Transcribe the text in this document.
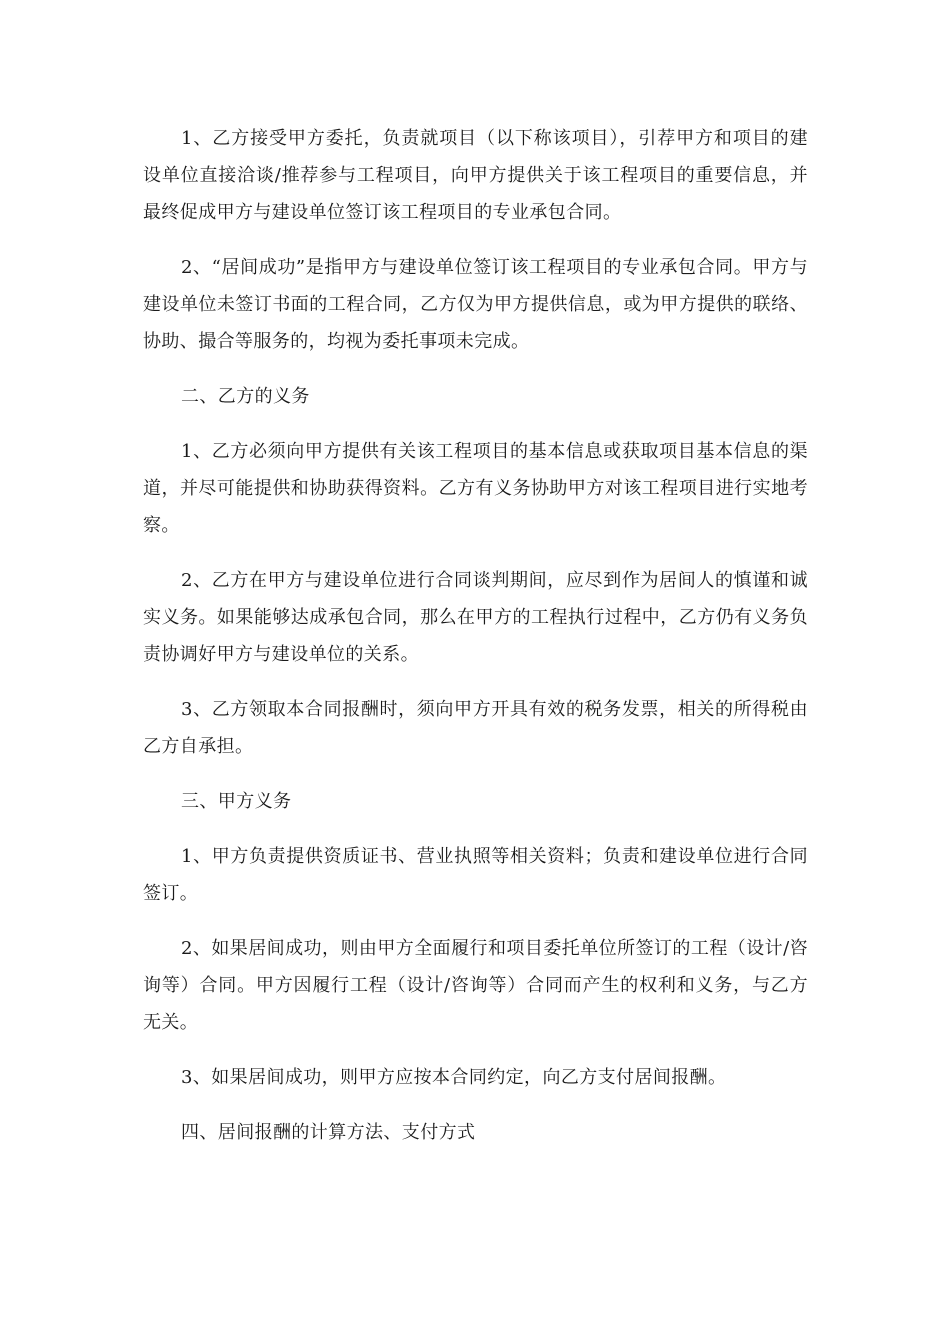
1、乙方接受甲方委托，负责就项目（以下称该项目），引荐甲方和项目的建设单位直接洽谈/推荐参与工程项目，向甲方提供关于该工程项目的重要信息，并最终促成甲方与建设单位签订该工程项目的专业承包合同。

2、“居间成功”是指甲方与建设单位签订该工程项目的专业承包合同。甲方与建设单位未签订书面的工程合同，乙方仅为甲方提供信息，或为甲方提供的联络、协助、撮合等服务的，均视为委托事项未完成。

二、乙方的义务

1、乙方必须向甲方提供有关该工程项目的基本信息或获取项目基本信息的渠道，并尽可能提供和协助获得资料。乙方有义务协助甲方对该工程项目进行实地考察。

2、乙方在甲方与建设单位进行合同谈判期间，应尽到作为居间人的慎谨和诚实义务。如果能够达成承包合同，那么在甲方的工程执行过程中，乙方仍有义务负责协调好甲方与建设单位的关系。

3、乙方领取本合同报酬时，须向甲方开具有效的税务发票，相关的所得税由乙方自承担。

三、甲方义务

1、甲方负责提供资质证书、营业执照等相关资料；负责和建设单位进行合同签订。

2、如果居间成功，则由甲方全面履行和项目委托单位所签订的工程（设计/咨询等）合同。甲方因履行工程（设计/咨询等）合同而产生的权利和义务，与乙方无关。

3、如果居间成功，则甲方应按本合同约定，向乙方支付居间报酬。

四、居间报酬的计算方法、支付方式
